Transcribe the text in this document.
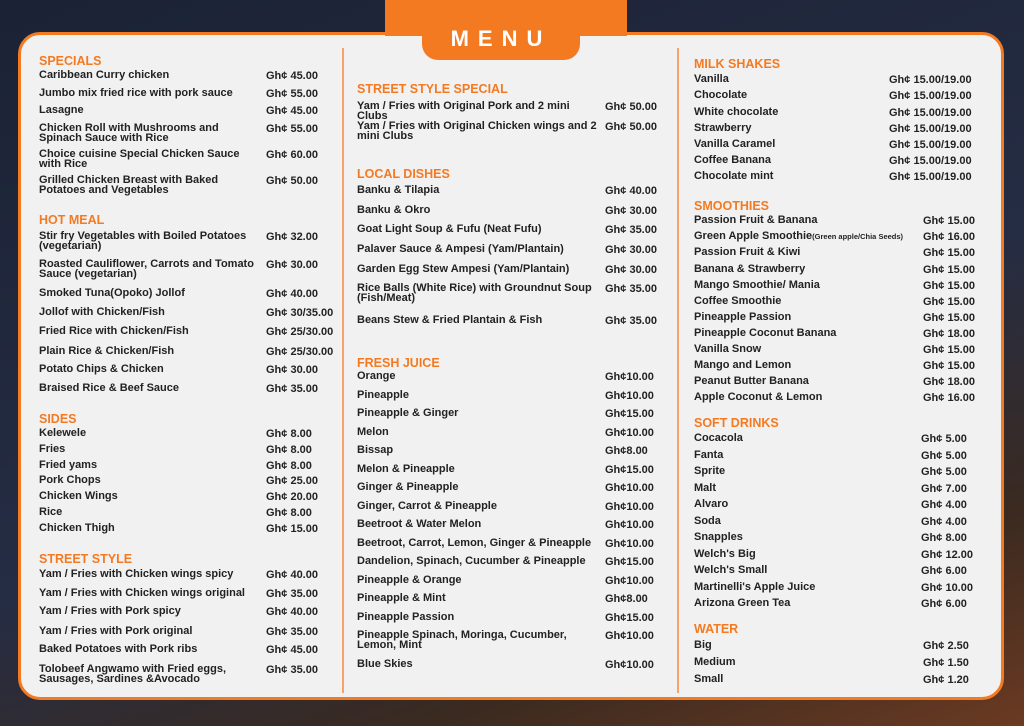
MENU
SPECIALS
Caribbean Curry chicken	Gh¢ 45.00
Jumbo mix fried rice with pork sauce	Gh¢ 55.00
Lasagne	Gh¢ 45.00
Chicken Roll with Mushrooms and Spinach Sauce with Rice
Gh¢ 55.00
Choice cuisine Special Chicken Sauce with Rice
Gh¢ 60.00
Grilled Chicken Breast with Baked Potatoes and Vegetables
Gh¢ 50.00
HOT MEAL
Stir fry Vegetables with Boiled Potatoes (vegetarian)
Gh¢ 32.00
Roasted Cauliflower, Carrots and Tomato Sauce (vegetarian)
Gh¢ 30.00
Smoked Tuna(Opoko) Jollof	Gh¢ 40.00
Jollof with Chicken/Fish	Gh¢ 30/35.00
Fried Rice with Chicken/Fish	Gh¢ 25/30.00
Plain Rice & Chicken/Fish	Gh¢ 25/30.00
Potato Chips & Chicken	Gh¢ 30.00
Braised Rice & Beef Sauce	Gh¢ 35.00
SIDES
Kelewele	Gh¢ 8.00
Fries	Gh¢ 8.00
Fried yams	Gh¢ 8.00
Pork Chops	Gh¢ 25.00
Chicken Wings	Gh¢ 20.00
Rice	Gh¢ 8.00
Chicken Thigh	Gh¢ 15.00
STREET STYLE
Yam / Fries with Chicken wings spicy	Gh¢ 40.00
Yam / Fries with Chicken wings original	Gh¢ 35.00
Yam / Fries with Pork spicy	Gh¢ 40.00
Yam / Fries with Pork original	Gh¢ 35.00
Baked Potatoes with Pork ribs	Gh¢ 45.00
Tolobeef Angwamo with Fried eggs, Sausages, Sardines &Avocado
Gh¢ 35.00
STREET STYLE SPECIAL
Yam / Fries with Original Pork and 2 mini Clubs
Gh¢ 50.00
Yam / Fries with Original Chicken wings and 2 mini Clubs
Gh¢ 50.00
LOCAL DISHES
Banku & Tilapia	Gh¢ 40.00
Banku & Okro	Gh¢ 30.00
Goat Light Soup & Fufu (Neat Fufu)	Gh¢ 35.00
Palaver Sauce & Ampesi (Yam/Plantain)	Gh¢ 30.00
Garden Egg Stew Ampesi (Yam/Plantain)	Gh¢ 30.00
Rice Balls (White Rice) with Groundnut Soup (Fish/Meat)
Gh¢ 35.00
Beans Stew & Fried Plantain & Fish	Gh¢ 35.00
FRESH JUICE
Orange	Gh¢10.00
Pineapple	Gh¢10.00
Pineapple & Ginger	Gh¢15.00
Melon	Gh¢10.00
Bissap	Gh¢8.00
Melon & Pineapple	Gh¢15.00
Ginger & Pineapple	Gh¢10.00
Ginger, Carrot & Pineapple	Gh¢10.00
Beetroot & Water Melon	Gh¢10.00
Beetroot, Carrot, Lemon, Ginger & Pineapple	Gh¢10.00
Dandelion, Spinach, Cucumber & Pineapple	Gh¢15.00
Pineapple & Orange	Gh¢10.00
Pineapple & Mint	Gh¢8.00
Pineapple Passion	Gh¢15.00
Pineapple Spinach, Moringa, Cucumber, Lemon, Mint
Gh¢10.00
Blue Skies	Gh¢10.00
MILK SHAKES
Vanilla	Gh¢ 15.00/19.00
Chocolate	Gh¢ 15.00/19.00
White chocolate	Gh¢ 15.00/19.00
Strawberry	Gh¢ 15.00/19.00
Vanilla Caramel	Gh¢ 15.00/19.00
Coffee Banana	Gh¢ 15.00/19.00
Chocolate mint	Gh¢ 15.00/19.00
SMOOTHIES
Passion Fruit & Banana	Gh¢ 15.00
Green Apple Smoothie(Green apple/Chia Seeds) Gh¢ 16.00
Passion Fruit & Kiwi	Gh¢ 15.00
Banana & Strawberry	Gh¢ 15.00
Mango Smoothie/ Mania	Gh¢ 15.00
Coffee Smoothie	Gh¢ 15.00
Pineapple Passion	Gh¢ 15.00
Pineapple Coconut Banana	Gh¢ 18.00
Vanilla Snow	Gh¢ 15.00
Mango and Lemon	Gh¢ 15.00
Peanut Butter Banana	Gh¢ 18.00
Apple Coconut & Lemon	Gh¢ 16.00
SOFT DRINKS
Cocacola	Gh¢ 5.00
Fanta	Gh¢ 5.00
Sprite	Gh¢ 5.00
Malt	Gh¢ 7.00
Alvaro	Gh¢ 4.00
Soda	Gh¢ 4.00
Snapples	Gh¢ 8.00
Welch's Big	Gh¢ 12.00
Welch's Small	Gh¢ 6.00
Martinelli's Apple Juice	Gh¢ 10.00
Arizona Green Tea	Gh¢ 6.00
WATER
Big	Gh¢ 2.50
Medium	Gh¢ 1.50
Small	Gh¢ 1.20
